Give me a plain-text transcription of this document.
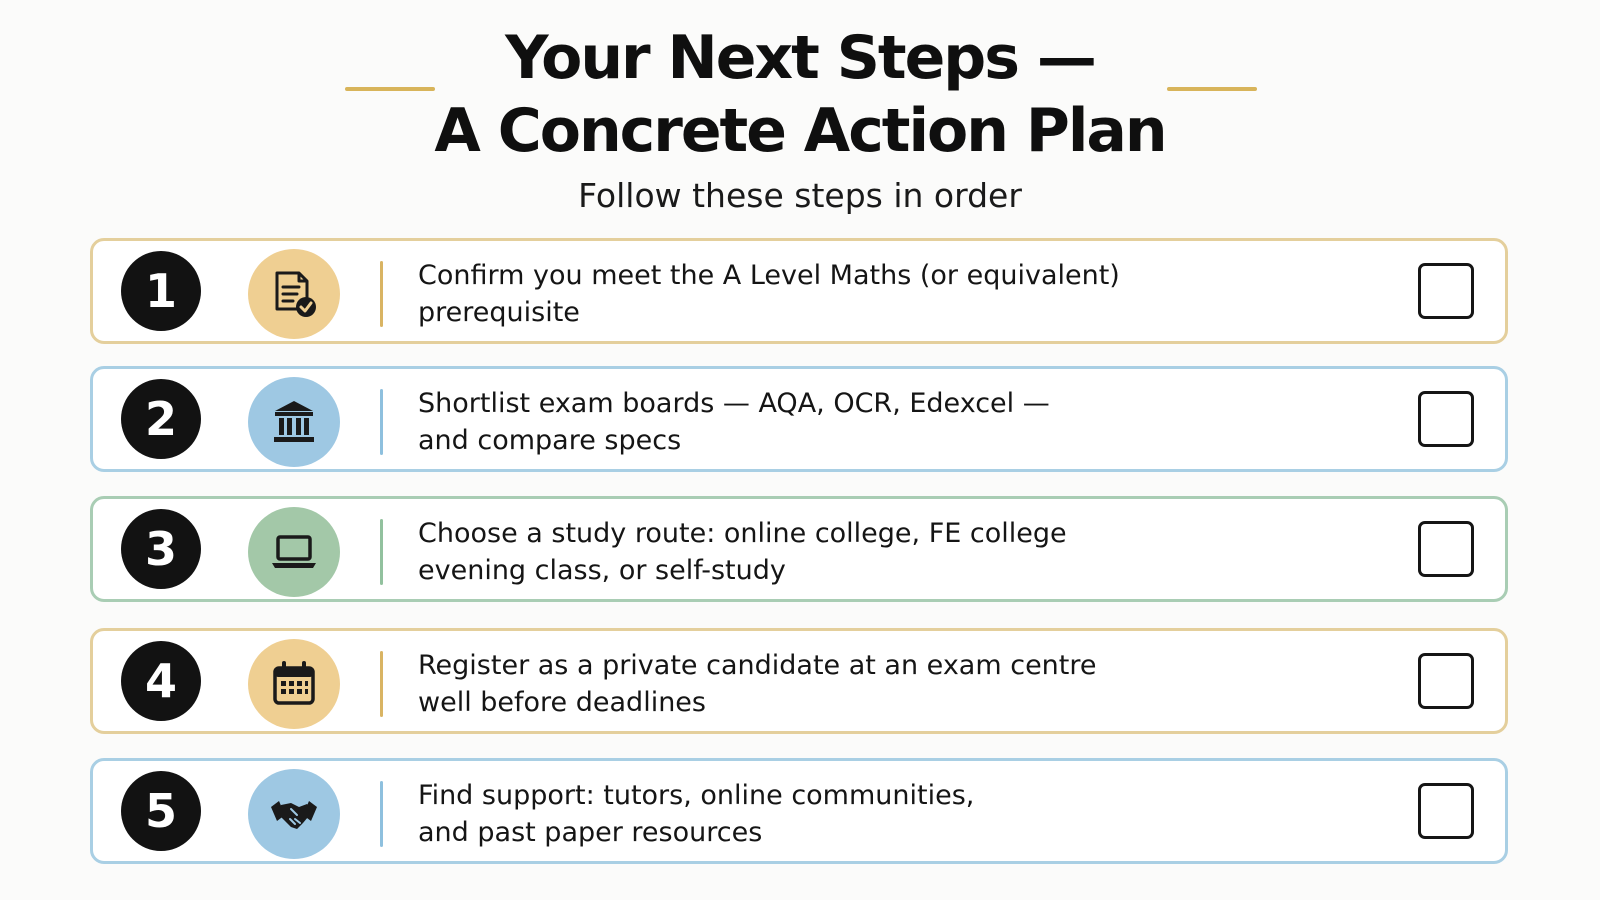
Your Next Steps —
A Concrete Action Plan
Follow these steps in order
1	Confirm you meet the A Level Maths (or equivalent)
prerequisite
2	Shortlist exam boards — AQA, OCR, Edexcel —
and compare specs
3	Choose a study route: online college, FE college
evening class, or self-study
4	Register as a private candidate at an exam centre
well before deadlines
5	Find support: tutors, online communities,
and past paper resources
